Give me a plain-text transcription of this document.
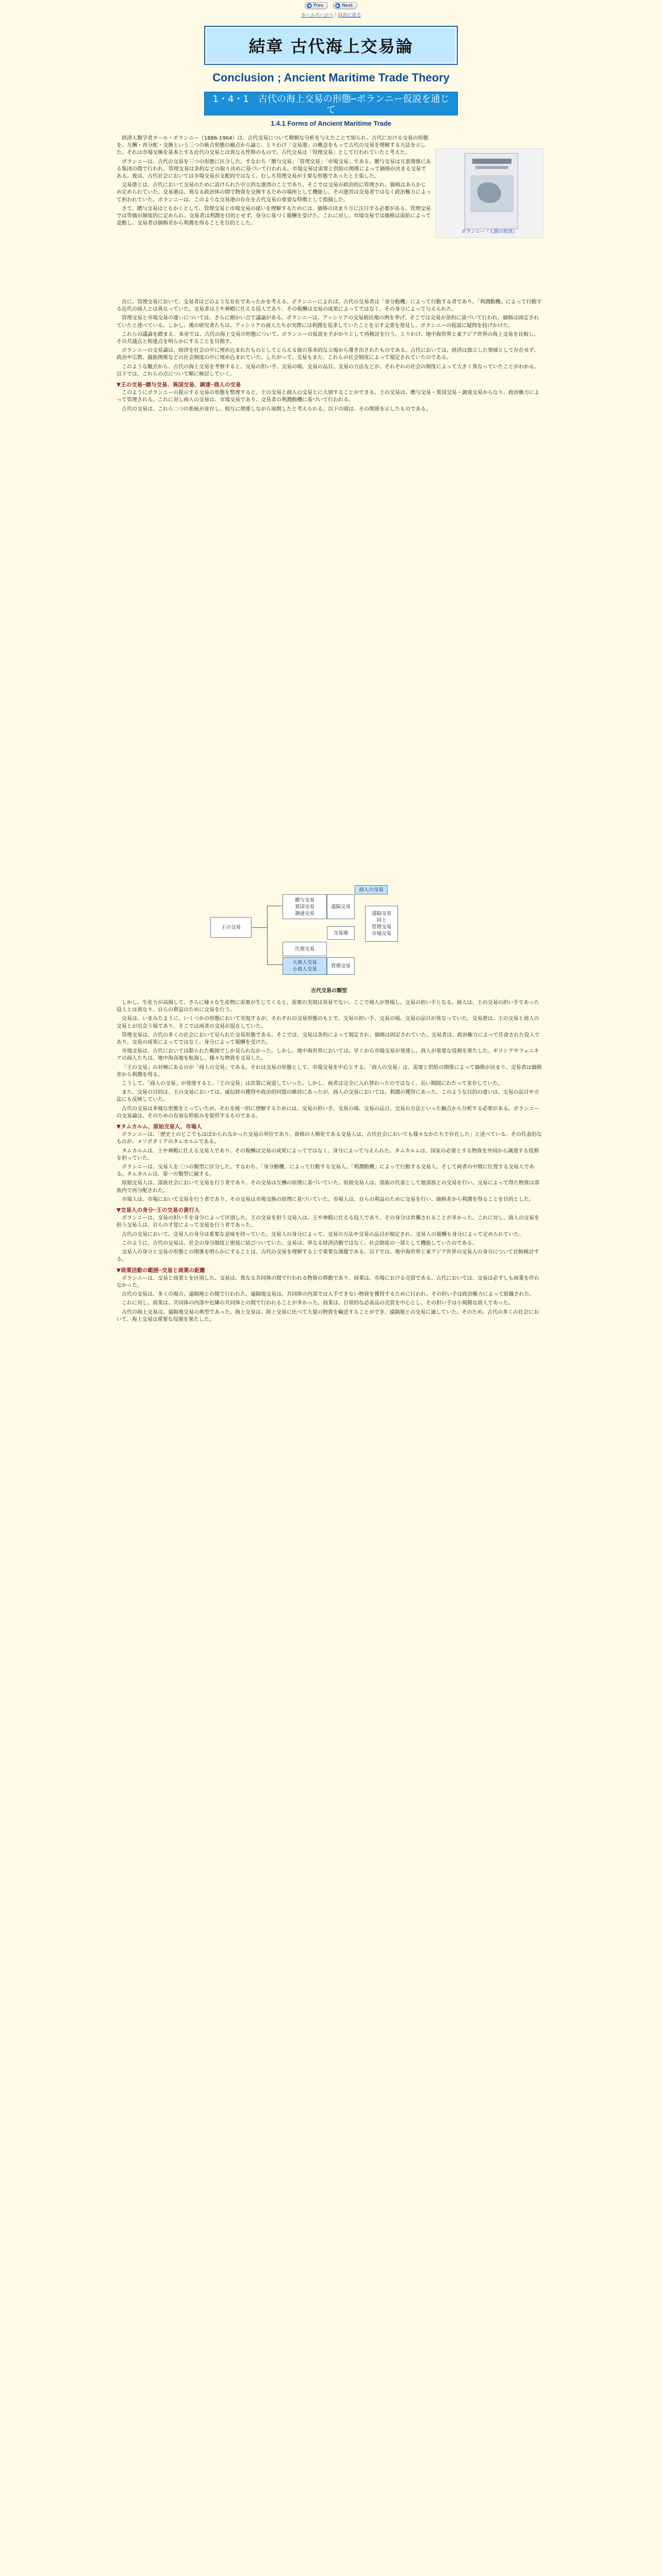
◀ Prev	▶ Next
ホームページへ｜目次に戻る
結章 古代海上交易論
Conclusion ; Ancient Maritime Trade Theory
1・4・1　古代の海上交易の形態─ポランニー仮説を通じ
て
1.4.1 Forms of Ancient Maritime Trade
ポランニー『人間の経済』

経済人類学者カール・ポランニー（1886-1964）は、古代交易について精細な分析を与えたことで知られ、古代における交易の形態を、互酬・再分配・交換という三つの統合形態の観点から論じ、とりわけ「交易港」の概念をもって古代の交易を理解する方法を示した。それは市場交換を基本とする近代の交易とは異なる性格のもので、古代交易は「管理交易」として行われていたと考えた。

ポランニーは、古代の交易を三つの形態に区分した。すなわち「贈与交易」「管理交易」「市場交易」である。贈与交易は互恵関係にある集団の間で行われ、管理交易は条約などの取り決めに基づいて行われる。市場交易は需要と供給の関係によって価格が決まる交易である。彼は、古代社会においては市場交易が支配的ではなく、むしろ管理交易が主要な形態であったと主張した。

交易港とは、古代において交易のために設けられた中立的な港湾のことであり、そこでは交易が政治的に管理され、価格はあらかじめ定められていた。交易港は、異なる政治体の間で物資を交換するための場所として機能し、その運営は交易者ではなく政治権力によって担われていた。ポランニーは、このような交易港の存在を古代交易の重要な特徴として指摘した。

さて、贈与交易はともかくとして、管理交易と市場交易の違いを理解するためには、価格の決まり方に注目する必要がある。管理交易では等価が制度的に定められ、交易者は利潤を目的とせず、身分に基づく報酬を受けた。これに対し、市場交易では価格は需給によって変動し、交易者は価格差から利潤を得ることを目的とした。

次に、管理交易において、交易者はどのような存在であったかを考える。ポランニーによれば、古代の交易者は「身分動機」によって行動する者であり、「利潤動機」によって行動する近代の商人とは異なっていた。交易者は王や神殿に仕える役人であり、その報酬は交易の成果によってではなく、その身分によって与えられた。

管理交易と市場交易の違いについては、さらに細かい点で議論がある。ポランニーは、アッシリアの交易植民地の例を挙げ、そこでは交易が条約に基づいて行われ、価格は固定されていたと述べている。しかし、後の研究者たちは、アッシリアの商人たちが実際には利潤を追求していたことを示す文書を発見し、ポランニーの仮説に疑問を投げかけた。

これらの議論を踏まえ、本章では、古代の海上交易の形態について、ポランニーの仮説を手がかりとして再検討を行う。とりわけ、地中海世界と東アジア世界の海上交易を比較し、その共通点と相違点を明らかにすることを目指す。

ポランニーの交易論は、経済を社会の中に埋め込まれたものとしてとらえる彼の基本的な立場から導き出されたものである。古代においては、経済は独立した領域として存在せず、政治や宗教、親族関係などの社会制度の中に埋め込まれていた。したがって、交易もまた、これらの社会制度によって規定されていたのである。

このような観点から、古代の海上交易を考察すると、交易の担い手、交易の場、交易の品目、交易の方法などが、それぞれの社会の制度によって大きく異なっていたことがわかる。以下では、これらの点について順に検討していく。

▼王の交易─贈与交易、異国交易、調達─商人の交易

このようにポランニーの提示する交易の形態を整理すると、王の交易と商人の交易とに大別することができる。王の交易は、贈与交易・異国交易・調達交易からなり、政治権力によって管理される。これに対し商人の交易は、市場交易であり、交易者の利潤動機に基づいて行われる。

古代の交易は、これら二つの系統が並存し、相互に関係しながら展開したと考えられる。以下の図は、その関係を示したものである。

王の交易
贈与交易
異国交易
調達交易
代理交易
大商人交易
小商人交易
遠隔交易
交易港
管理交易
商人の交易
遠隔交易
同上
管理交易
市場交易
古代交易の類型

しかし、生産力が高揚して、さらに様々な生産物に需要が生じてくると、需要の実現は容易でない。ここで商人が登場し、交易の担い手となる。商人は、王の交易の担い手であった役人とは異なり、自らの利益のために交易を行う。

交易は、いまみたように、いくつかの形態において実現するが、それぞれの交易形態のもとで、交易の担い手、交易の場、交易の品目が異なっていた。交易港は、王の交易と商人の交易とが出会う場であり、そこでは両者の交易が混在していた。

管理交易は、古代の多くの社会において見られた交易形態である。そこでは、交易は条約によって規定され、価格は固定されていた。交易者は、政治権力によって任命された役人であり、交易の成果によってではなく、身分によって報酬を受けた。

市場交易は、古代においては限られた範囲でしか見られなかった。しかし、地中海世界においては、早くから市場交易が発達し、商人が重要な役割を果たした。ギリシアやフェニキアの商人たちは、地中海各地を航海し、様々な物資を交易した。

「王の交易」の対極にあるのが「商人の交易」である。それは交易の形態として、市場交易を中心とする。「商人の交易」は、需要と供給の関係によって価格が決まり、交易者は価格差から利潤を得る。

こうして、「商人の交易」が発達すると、「王の交易」は次第に衰退していった。しかし、両者は完全に入れ替わったのではなく、長い期間にわたって並存していた。

また、交易の目的は、王の交易においては、威信財の獲得や政治的同盟の維持にあったが、商人の交易においては、利潤の獲得にあった。このような目的の違いは、交易の品目や方法にも反映していた。

古代の交易は多様な形態をとっていたが、それを統一的に理解するためには、交易の担い手、交易の場、交易の品目、交易の方法といった観点から分析する必要がある。ポランニーの交易論は、そのための有効な枠組みを提供するものである。

▼タムカルム、原始交易人、市場人

ポランニーは、「歴史上のどこでもはばかられなかった交易の単位であり、資格の人格化である交易人は、古代社会においても様々なかたちで存在した」と述べている。その代表的なものが、メソポタミアのタムカルムである。

タムカルムは、王や神殿に仕える交易人であり、その報酬は交易の成果によってではなく、身分によって与えられた。タムカルムは、国家の必要とする物資を外国から調達する役割を担っていた。

ポランニーは、交易人を三つの類型に区分した。すなわち、「身分動機」によって行動する交易人、「利潤動機」によって行動する交易人、そして両者の中間に位置する交易人である。タムカルムは、第一の類型に属する。

原始交易人は、部族社会において交易を行う者であり、その交易は互酬の原理に基づいていた。原始交易人は、部族の代表として他部族との交易を行い、交易によって得た物資は部族内で再分配された。

市場人は、市場において交易を行う者であり、その交易は市場交換の原理に基づいていた。市場人は、自らの利益のために交易を行い、価格差から利潤を得ることを目的とした。

▼交易人の身分─王の交易の黄行人

ポランニーは、交易の担い手を身分によって区別した。王の交易を担う交易人は、王や神殿に仕える役人であり、その身分は世襲されることが多かった。これに対し、商人の交易を担う交易人は、自らの才覚によって交易を行う者であった。

古代の交易において、交易人の身分は重要な意味を持っていた。交易人の身分によって、交易の方法や交易の品目が規定され、交易人の報酬も身分によって定められていた。

このように、古代の交易は、社会の身分制度と密接に結びついていた。交易は、単なる経済活動ではなく、社会制度の一部として機能していたのである。

交易人の身分と交易の形態との関係を明らかにすることは、古代の交易を理解する上で重要な課題である。以下では、地中海世界と東アジア世界の交易人の身分について比較検討する。

▼商業活動の範囲─交易と商業の距離

ポランニーは、交易と商業とを区別した。交易は、異なる共同体の間で行われる物資の移動であり、商業は、市場における売買である。古代においては、交易は必ずしも商業を伴わなかった。

古代の交易は、多くの場合、遠隔地との間で行われた。遠隔地交易は、共同体の内部では入手できない物資を獲得するために行われ、その担い手は政治権力によって組織された。

これに対し、商業は、共同体の内部や近隣の共同体との間で行われることが多かった。商業は、日常的な必需品の売買を中心とし、その担い手は小規模な商人であった。

古代の海上交易は、遠隔地交易の典型であった。海上交易は、陸上交易に比べて大量の物資を輸送することができ、遠隔地との交易に適していた。そのため、古代の多くの社会において、海上交易は重要な役割を果たした。
